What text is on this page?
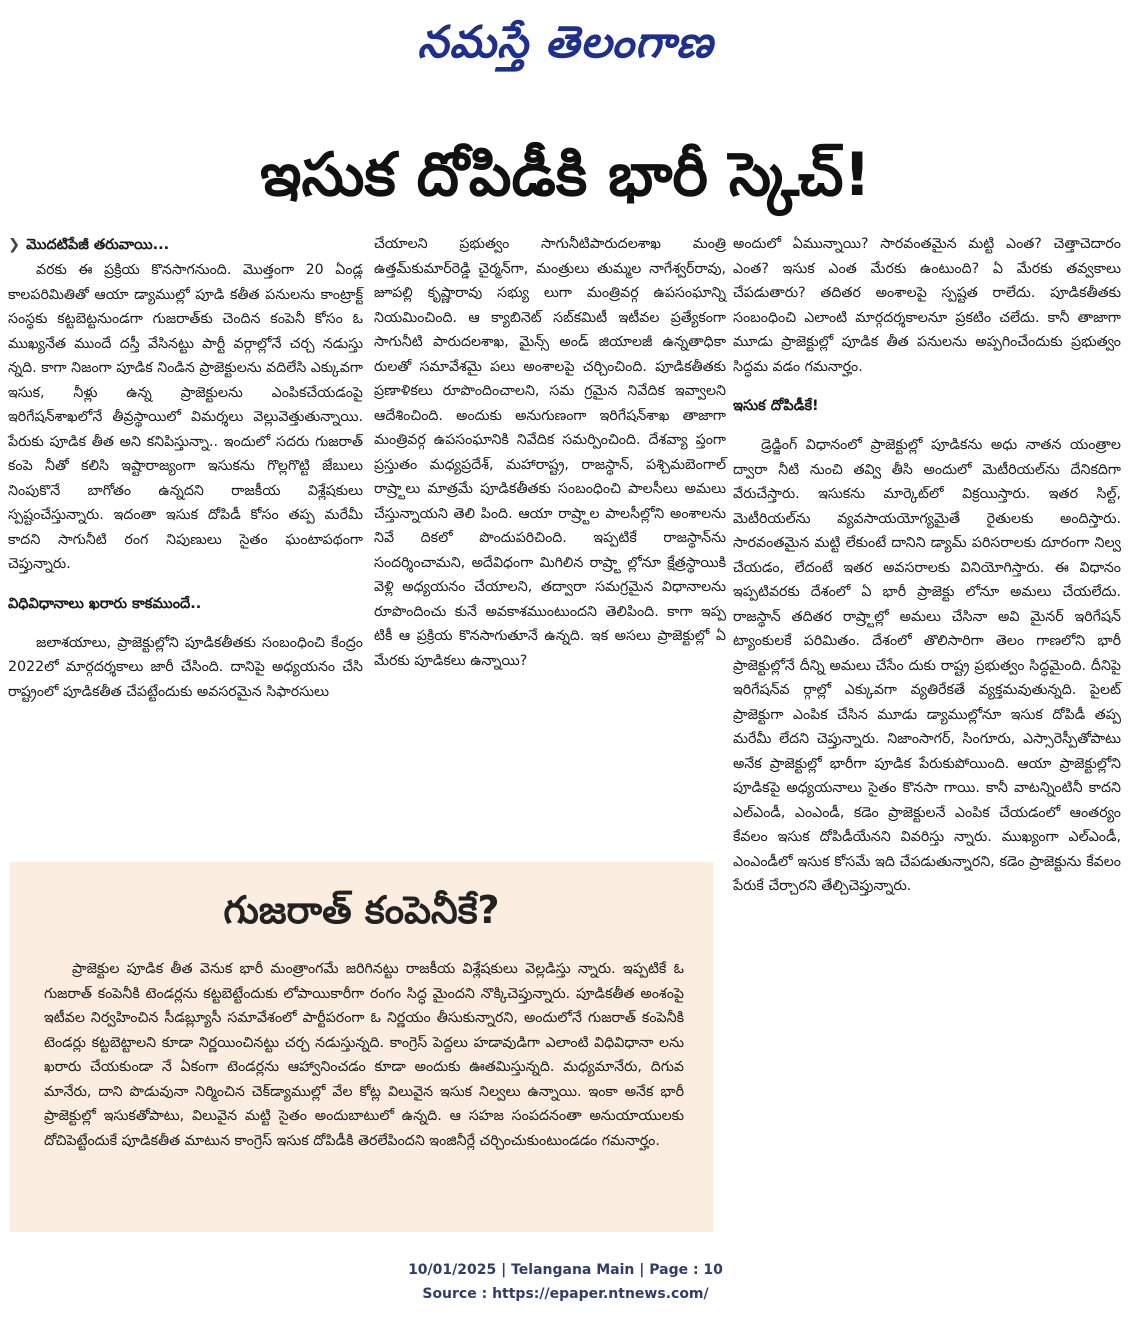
నమస్తే తెలంగాణ
ఇసుక దోపిడీకి భారీ స్కెచ్!

❯ మొదటిపేజీ తరువాయి...

వరకు ఈ ప్రక్రియ కొనసాగనుంది. మొత్తంగా 20 ఏండ్ల కాలపరిమితితో ఆయా డ్యాముల్లో పూడి కతీత పనులను కాంట్రాక్ట్ సంస్థకు కట్టబెట్టనుండగా గుజరాత్‌కు చెందిన కంపెనీ కోసం ఓ ముఖ్యనేత ముందే దస్తీ వేసినట్టు పార్టీ వర్గాల్లోనే చర్చ నడుస్తు న్నది. కాగా నిజంగా పూడిక నిండిన ప్రాజెక్టులను వదిలేసి ఎక్కువగా ఇసుక, నీళ్లు ఉన్న ప్రాజెక్టులను ఎంపికచేయడంపై ఇరిగేషన్‌శాఖలోనే తీవ్రస్థాయిలో విమర్శలు వెల్లువెత్తుతున్నాయి. పేరుకు పూడిక తీత అని కనిపిస్తున్నా.. ఇందులో సదరు గుజరాత్ కంపె నీతో కలిసి ఇష్టారాజ్యంగా ఇసుకను గొల్లగొట్టి జేబులు నింపుకొనే బాగోతం ఉన్నదని రాజకీయ విశ్లేషకులు స్పష్టంచేస్తున్నారు. ఇదంతా ఇసుక దోపిడీ కోసం తప్ప మరేమీ కాదని సాగునీటి రంగ నిపుణులు సైతం ఘంటాపథంగా చెప్తున్నారు.

విధివిధానాలు ఖరారు కాకముందే..

జలాశయాలు, ప్రాజెక్టుల్లోని పూడికతీతకు సంబంధించి కేంద్రం 2022లో మార్గదర్శకాలు జారీ చేసింది. దానిపై అధ్యయనం చేసి రాష్ట్రంలో పూడికతీత చేపట్టేందుకు అవసరమైన సిఫారసులు

చేయాలని ప్రభుత్వం సాగునీటిపారుదలశాఖ మంత్రి ఉత్తమ్‌కుమార్‌రెడ్డి చైర్మన్‌గా, మంత్రులు తుమ్మల నాగేశ్వర్‌రావు, జూపల్లి కృష్ణారావు సభ్యు లుగా మంత్రివర్గ ఉపసంఘాన్ని నియమించింది. ఆ క్యాబినెట్ సబ్‌కమిటీ ఇటీవల ప్రత్యేకంగా సాగునీటి పారుదలశాఖ, మైన్స్ అండ్ జియాలజీ ఉన్నతాధికా రులతో సమావేశమై పలు అంశాలపై చర్చించింది. పూడికతీతకు ప్రణాళికలు రూపొందించాలని, సమ గ్రమైన నివేదిక ఇవ్వాలని ఆదేశించింది. అందుకు అనుగుణంగా ఇరిగేషన్‌శాఖ తాజాగా మంత్రివర్గ ఉపసంఘానికి నివేదిక సమర్పించింది. దేశవ్యా ప్తంగా ప్రస్తుతం మధ్యప్రదేశ్, మహారాష్ట్ర, రాజస్థాన్, పశ్చిమబెంగాల్ రాష్ర్టాలు మాత్రమే పూడికతీతకు సంబంధించి పాలసీలు అమలు చేస్తున్నాయని తెలి పింది. ఆయా రాష్ర్టాల పాలసీల్లోని అంశాలను నివే దికలో పొందుపరిచింది. ఇప్పటికే రాజస్థాన్‌ను సందర్శించామని, అదేవిధంగా మిగిలిన రాష్ర్టా ల్లోనూ క్షేత్రస్థాయికి వెళ్లి అధ్యయనం చేయాలని, తద్వారా సమగ్రమైన విధానాలను రూపొందించు కునే అవకాశముంటుందని తెలిపింది. కాగా ఇప్ప టికీ ఆ ప్రక్రియ కొనసాగుతూనే ఉన్నది. ఇక అసలు ప్రాజెక్టుల్లో ఏ మేరకు పూడికలు ఉన్నాయి?

అందులో ఏమున్నాయి? సారవంతమైన మట్టి ఎంత? చెత్తాచెదారం ఎంత? ఇసుక ఎంత మేరకు ఉంటుంది? ఏ మేరకు తవ్వకాలు చేపడుతారు? తదితర అంశాలపై స్పష్టత రాలేదు. పూడికతీతకు సంబంధించి ఎలాంటి మార్గదర్శకాలనూ ప్రకటిం చలేదు. కానీ తాజాగా మూడు ప్రాజెక్టుల్లో పూడిక తీత పనులను అప్పగించేందుకు ప్రభుత్వం సిద్ధమ వడం గమనార్హం.

ఇసుక దోపిడీకే!

డ్రెడ్జింగ్ విధానంలో ప్రాజెక్టుల్లో పూడికను అధు నాతన యంత్రాల ద్వారా నీటి నుంచి తవ్వి తీసి అందులో మెటీరియల్‌ను దేనికదిగా వేరుచేస్తారు. ఇసుకను మార్కెట్‌లో విక్రయిస్తారు. ఇతర సిల్ట్, మెటీరియల్‌ను వ్యవసాయయోగ్యమైతే రైతులకు అందిస్తారు. సారవంతమైన మట్టి లేకుంటే దానిని డ్యామ్ పరిసరాలకు దూరంగా నిల్వ చేయడం, లేదంటే ఇతర అవసరాలకు వినియోగిస్తారు. ఈ విధానం ఇప్పటివరకు దేశంలో ఏ భారీ ప్రాజెక్టు లోనూ అమలు చేయలేదు. రాజస్థాన్ తదితర రాష్ర్టాల్లో అమలు చేసినా అవి మైనర్ ఇరిగేషన్ ట్యాంకులకే పరిమితం. దేశంలో తొలిసారిగా తెలం గాణలోని భారీ ప్రాజెక్టుల్లోనే దీన్ని అమలు చేసేం దుకు రాష్ట్ర ప్రభుత్వం సిద్ధమైంది. దీనిపై ఇరిగేషన్‌వ ర్గాల్లో ఎక్కువగా వ్యతిరేకతే వ్యక్తమవుతున్నది. పైలట్ ప్రాజెక్టుగా ఎంపిక చేసిన మూడు డ్యాముల్లోనూ ఇసుక దోపిడీ తప్ప మరేమీ లేదని చెప్తున్నారు. నిజాంసాగర్, సింగూరు, ఎస్సారెస్పీతోపాటు అనేక ప్రాజెక్టుల్లో భారీగా పూడిక పేరుకుపోయింది. ఆయా ప్రాజెక్టుల్లోని పూడికపై అధ్యయనాలు సైతం కొనసా గాయి. కానీ వాటన్నింటినీ కాదని ఎల్‌ఎండీ, ఎంఎండీ, కడెం ప్రాజెక్టులనే ఎంపిక చేయడంలో ఆంతర్యం కేవలం ఇసుక దోపిడీయేనని వివరిస్తు న్నారు. ముఖ్యంగా ఎల్‌ఎండీ, ఎంఎండీలో ఇసుక కోసమే ఇది చేపడుతున్నారని, కడెం ప్రాజెక్టును కేవలం పేరుకే చేర్చారని తేల్చిచెప్తున్నారు.

గుజరాత్ కంపెనీకే?

ప్రాజెక్టుల పూడిక తీత వెనుక భారీ మంత్రాంగమే జరిగినట్టు రాజకీయ విశ్లేషకులు వెల్లడిస్తు న్నారు. ఇప్పటికే ఓ గుజరాత్ కంపెనీకి టెండర్లను కట్టబెట్టేందుకు లోపాయికారీగా రంగం సిద్ధ మైందని నొక్కిచెప్తున్నారు. పూడికతీత అంశంపై ఇటీవల నిర్వహించిన సీడబ్ల్యూసీ సమావేశంలో పార్టీపరంగా ఓ నిర్ణయం తీసుకున్నారని, అందులోనే గుజరాత్ కంపెనీకి టెండర్లు కట్టబెట్టాలని కూడా నిర్ణయించినట్టు చర్చ నడుస్తున్నది. కాంగ్రెస్ పెద్దలు హడావుడిగా ఎలాంటి విధివిధానా లను ఖరారు చేయకుండా నే ఏకంగా టెండర్లను ఆహ్వానించడం కూడా అందుకు ఊతమిస్తున్నది. మధ్యమానేరు, దిగువ మానేరు, దాని పొడువునా నిర్మించిన చెక్‌డ్యాముల్లో వేల కోట్ల విలువైన ఇసుక నిల్వలు ఉన్నాయి. ఇంకా అనేక భారీ ప్రాజెక్టుల్లో ఇసుకతోపాటు, విలువైన మట్టి సైతం అందుబాటులో ఉన్నది. ఆ సహజ సంపదనంతా అనుయాయులకు దోచిపెట్టేందుకే పూడికతీత మాటున కాంగ్రెస్ ఇసుక దోపిడీకి తెరలేపిందని ఇంజినీర్లే చర్చించుకుంటుండడం గమనార్హం.

10/01/2025 | Telangana Main | Page : 10
Source : https://epaper.ntnews.com/
